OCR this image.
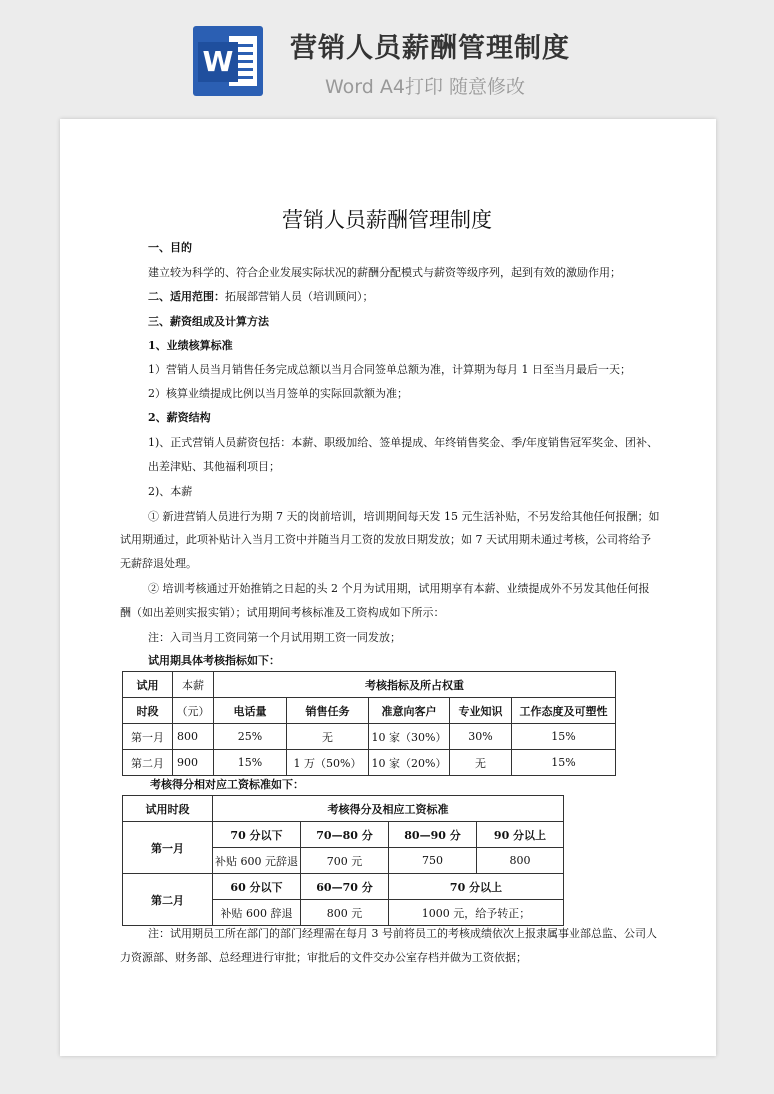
W 营销人员薪酬管理制度
Word A4打印 随意修改
营销人员薪酬管理制度
一、目的
建立较为科学的、符合企业发展实际状况的薪酬分配模式与薪资等级序列，起到有效的激励作用；
二、适用范围：拓展部营销人员（培训顾问）；
三、薪资组成及计算方法
1、业绩核算标准
1）营销人员当月销售任务完成总额以当月合同签单总额为准，计算期为每月 1 日至当月最后一天；
2）核算业绩提成比例以当月签单的实际回款额为准；
2、薪资结构
1)、正式营销人员薪资包括：本薪、职级加给、签单提成、年终销售奖金、季/年度销售冠军奖金、团补、
出差津贴、其他福利项目；
2)、本薪
① 新进营销人员进行为期 7 天的岗前培训，培训期间每天发 15 元生活补贴，不另发给其他任何报酬；如
试用期通过，此项补贴计入当月工资中并随当月工资的发放日期发放；如 7 天试用期未通过考核，公司将给予
无薪辞退处理。
② 培训考核通过开始推销之日起的头 2 个月为试用期，试用期享有本薪、业绩提成外不另发其他任何报
酬（如出差则实报实销）；试用期间考核标准及工资构成如下所示：
注：入司当月工资同第一个月试用期工资一同发放；
试用期具体考核指标如下：
试用	本薪	考核指标及所占权重				
时段	（元）	电话量	销售任务	准意向客户	专业知识	工作态度及可塑性
第一月	800	25%	无	10 家（30%）	30%	15%
第二月	900	15%	1 万（50%）	10 家（20%）	无	15%
考核得分相对应工资标准如下：
试用时段	考核得分及相应工资标准			
第一月	70 分以下	70—80 分	80—90 分	90 分以上
	补贴 600 元辞退	700 元	750	800
第二月	60 分以下	60—70 分	70 分以上	
	补贴 600 辞退	800 元	1000 元，给予转正；	
注：试用期员工所在部门的部门经理需在每月 3 号前将员工的考核成绩依次上报隶属事业部总监、公司人
力资源部、财务部、总经理进行审批；审批后的文件交办公室存档并做为工资依据；
